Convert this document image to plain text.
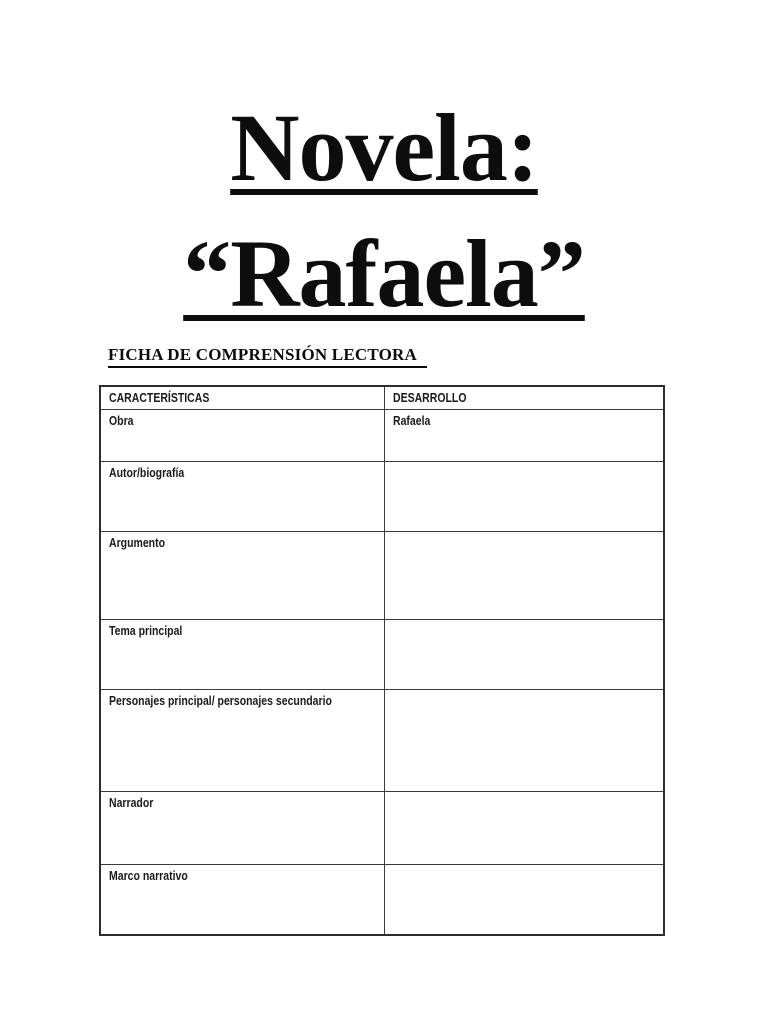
Novela:
“Rafaela”
FICHA DE COMPRENSIÓN LECTORA
CARACTERÍSTICAS	DESARROLLO
Obra	Rafaela
Autor/biografía	
Argumento	
Tema principal	
Personajes principal/ personajes secundario	
Narrador	
Marco narrativo	
